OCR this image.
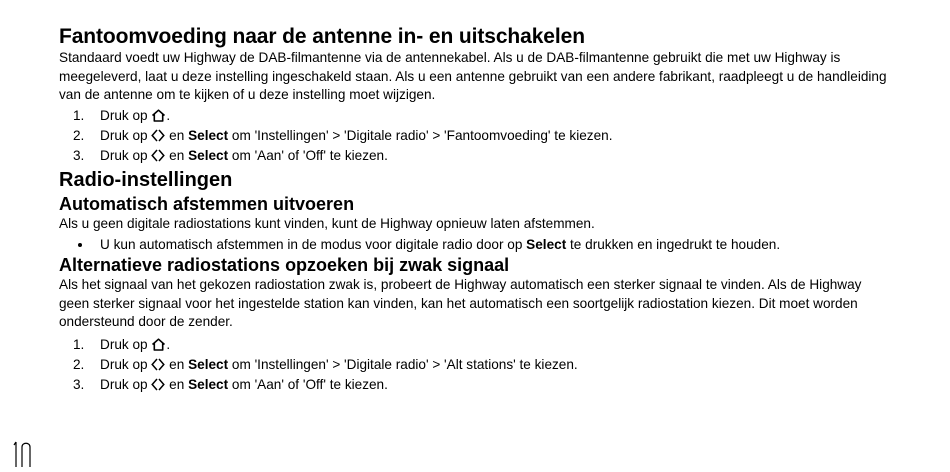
Fantoomvoeding naar de antenne in- en uitschakelen

Standaard voedt uw Highway de DAB-filmantenne via de antennekabel. Als u de DAB-filmantenne gebruikt die met uw Highway is meegeleverd, laat u deze instelling ingeschakeld staan. Als u een antenne gebruikt van een andere fabrikant, raadpleegt u de handleiding van de antenne om te kijken of u deze instelling moet wijzigen.

1. Druk op .
2. Druk op en Select om 'Instellingen' > 'Digitale radio' > 'Fantoomvoeding' te kiezen.
3. Druk op en Select om 'Aan' of 'Off' te kiezen.
Radio-instellingen
Automatisch afstemmen uitvoeren

Als u geen digitale radiostations kunt vinden, kunt de Highway opnieuw laten afstemmen.

U kun automatisch afstemmen in de modus voor digitale radio door op Select te drukken en ingedrukt te houden.
Alternatieve radiostations opzoeken bij zwak signaal

Als het signaal van het gekozen radiostation zwak is, probeert de Highway automatisch een sterker signaal te vinden. Als de Highway geen sterker signaal voor het ingestelde station kan vinden, kan het automatisch een soortgelijk radiostation kiezen. Dit moet worden ondersteund door de zender.

1. Druk op .
2. Druk op en Select om 'Instellingen' > 'Digitale radio' > 'Alt stations' te kiezen.
3. Druk op en Select om 'Aan' of 'Off' te kiezen.
